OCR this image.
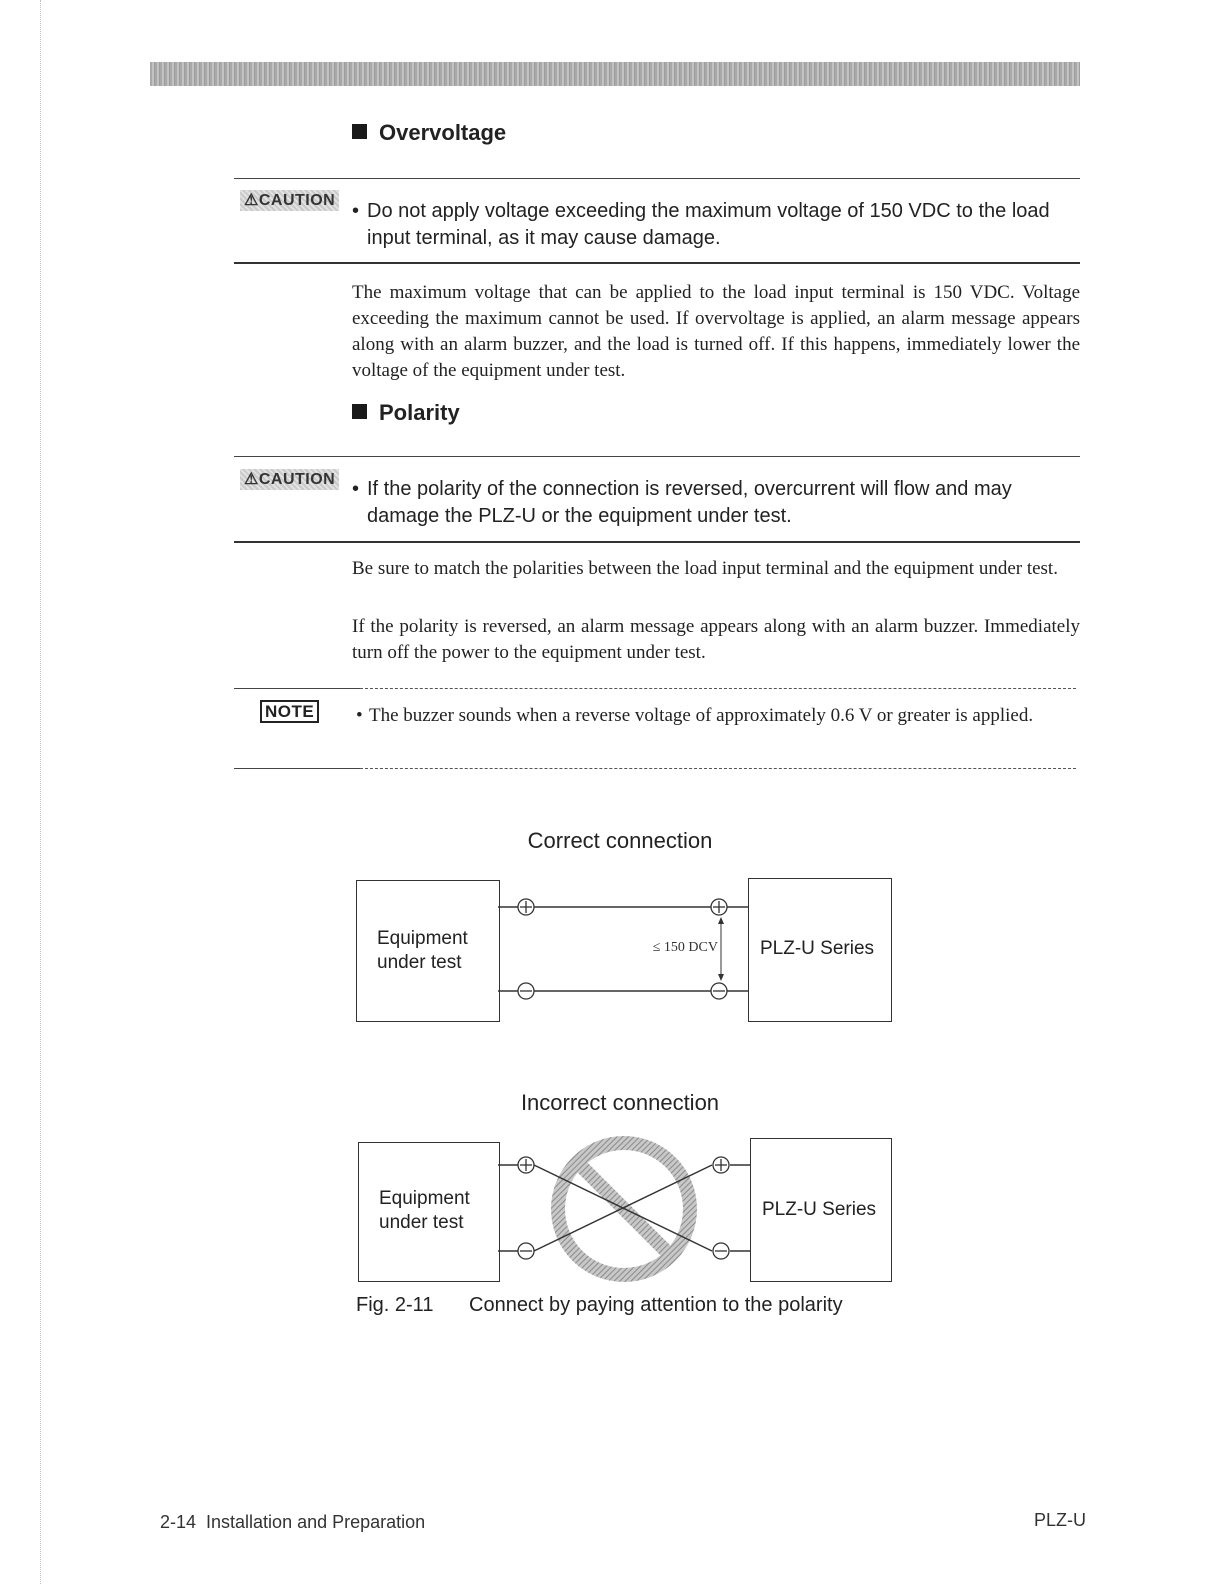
Overvoltage
⚠CAUTION • Do not apply voltage exceeding the maximum voltage of 150 VDC to the load input terminal, as it may cause damage.
The maximum voltage that can be applied to the load input terminal is 150 VDC. Voltage exceeding the maximum cannot be used. If overvoltage is applied, an alarm message appears along with an alarm buzzer, and the load is turned off. If this happens, immediately lower the voltage of the equipment under test.
Polarity
⚠CAUTION • If the polarity of the connection is reversed, overcurrent will flow and may damage the PLZ-U or the equipment under test.
Be sure to match the polarities between the load input terminal and the equipment under test.
If the polarity is reversed, an alarm message appears along with an alarm buzzer. Immediately turn off the power to the equipment under test.
NOTE • The buzzer sounds when a reverse voltage of approximately 0.6 V or greater is applied.
Correct connection
Equipment under test
PLZ-U Series
≤ 150 DCV
Incorrect connection
Equipment under test
PLZ-U Series
Fig. 2-11 Connect by paying attention to the polarity
2-14  Installation and Preparation	PLZ-U
